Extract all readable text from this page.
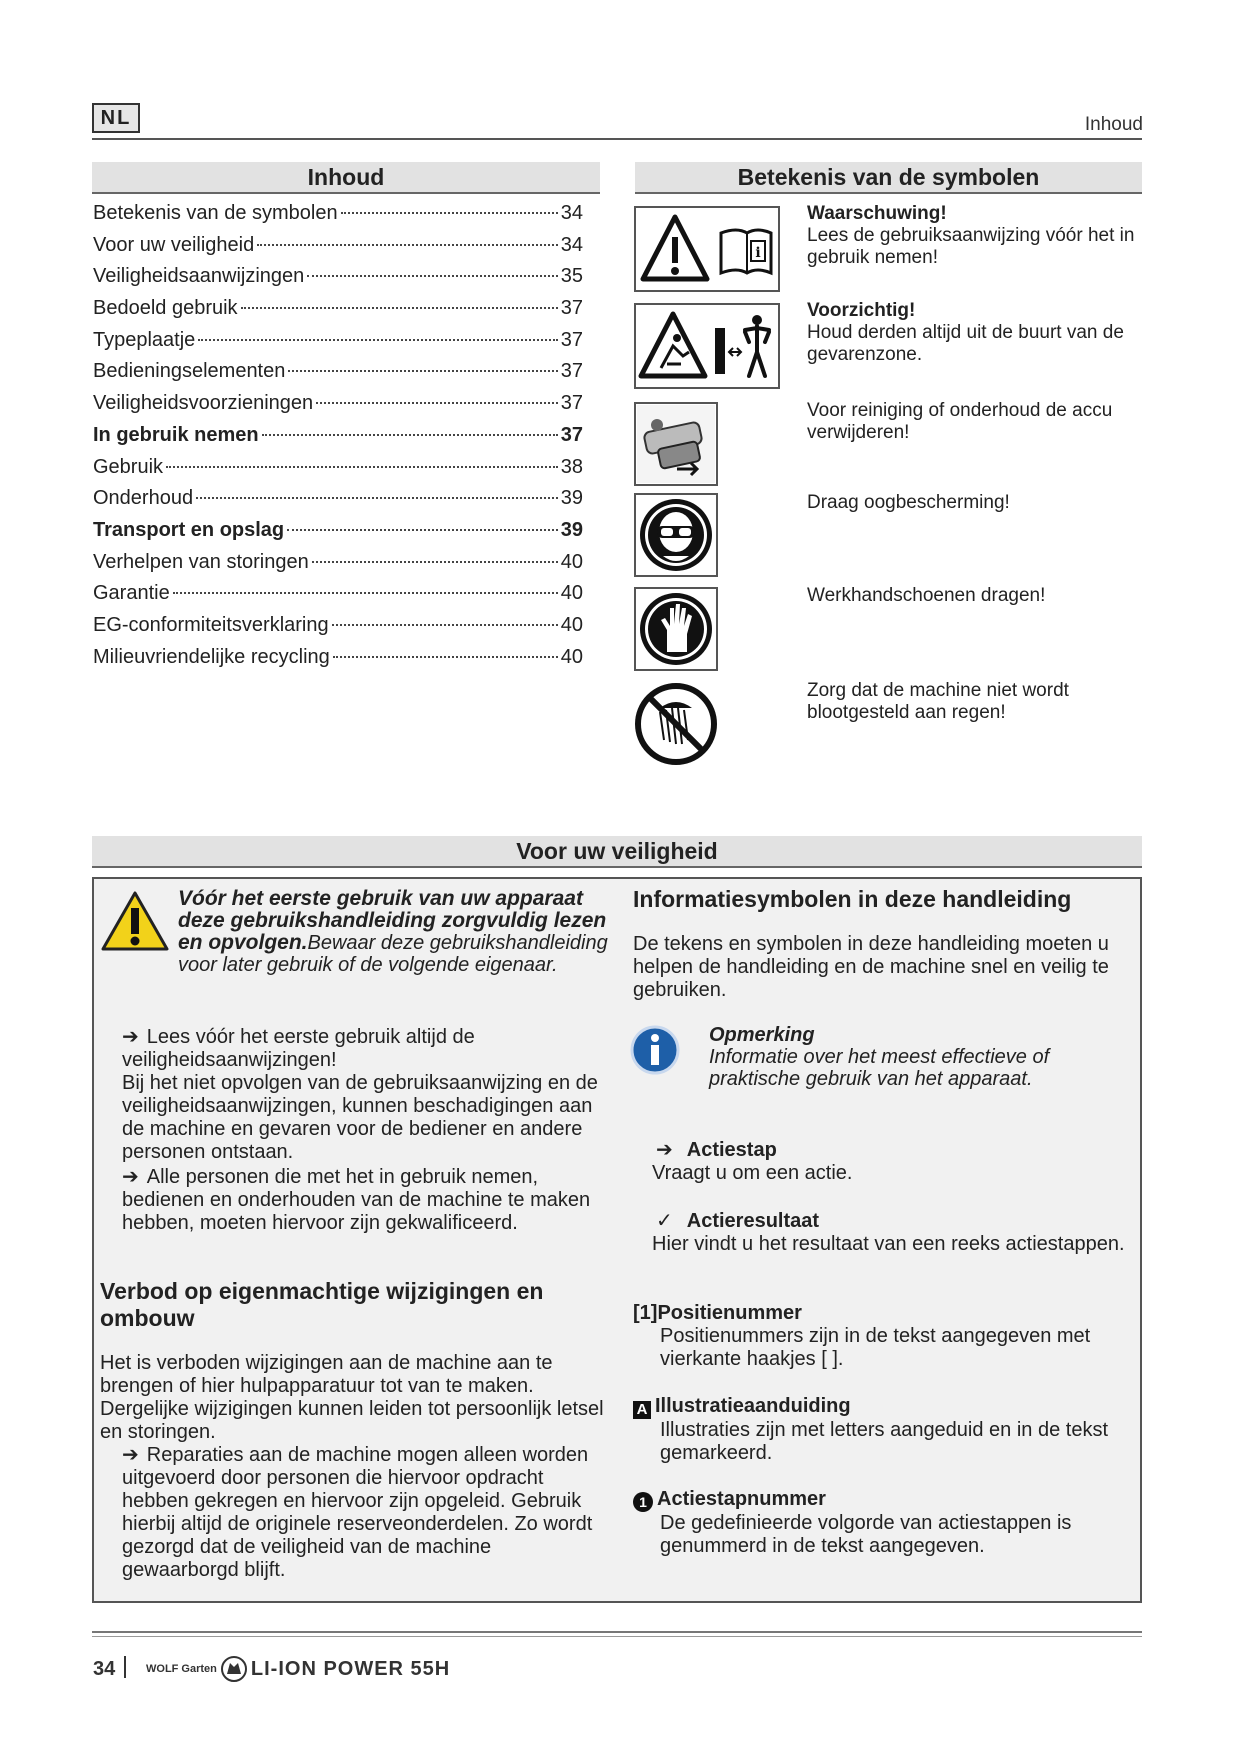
NL	Inhoud
Inhoud
Betekenis van de symbolen	34
Voor uw veiligheid	34
Veiligheidsaanwijzingen	35
Bedoeld gebruik	37
Typeplaatje	37
Bedieningselementen	37
Veiligheidsvoorzieningen	37
In gebruik nemen	37
Gebruik	38
Onderhoud	39
Transport en opslag	39
Verhelpen van storingen	40
Garantie	40
EG-conformiteitsverklaring	40
Milieuvriendelijke recycling	40
Betekenis van de symbolen
i
Waarschuwing!
Lees de gebruiksaanwijzing vóór het in gebruik nemen!
Voorzichtig!
Houd derden altijd uit de buurt van de gevarenzone.
Voor reiniging of onderhoud de accu verwijderen!
Draag oogbescherming!
Werkhandschoenen dragen!
Zorg dat de machine niet wordt blootgesteld aan regen!
Voor uw veiligheid
Vóór het eerste gebruik van uw apparaat deze gebruikshandleiding zorgvuldig lezen en opvolgen.Bewaar deze gebruikshandleiding voor later gebruik of de volgende eigenaar.
➔ Lees vóór het eerste gebruik altijd de veiligheidsaanwijzingen!
Bij het niet opvolgen van de gebruiksaanwijzing en de veiligheidsaanwijzingen, kunnen beschadigingen aan de machine en gevaren voor de bediener en andere personen ontstaan.
➔ Alle personen die met het in gebruik nemen, bedienen en onderhouden van de machine te maken hebben, moeten hiervoor zijn gekwalificeerd.
Verbod op eigenmachtige wijzigingen en ombouw
Het is verboden wijzigingen aan de machine aan te brengen of hier hulpapparatuur tot van te maken. Dergelijke wijzigingen kunnen leiden tot persoonlijk letsel en storingen.
➔ Reparaties aan de machine mogen alleen worden uitgevoerd door personen die hiervoor opdracht hebben gekregen en hiervoor zijn opgeleid. Gebruik hierbij altijd de originele reserveonderdelen. Zo wordt gezorgd dat de veiligheid van de machine gewaarborgd blijft.
Informatiesymbolen in deze handleiding
De tekens en symbolen in deze handleiding moeten u helpen de handleiding en de machine snel en veilig te gebruiken.
Opmerking
Informatie over het meest effectieve of praktische gebruik van het apparaat.
➔ Actiestap
Vraagt u om een actie.
✓ Actieresultaat
Hier vindt u het resultaat van een reeks actiestappen.
[1]Positienummer
Positienummers zijn in de tekst aangegeven met vierkante haakjes [ ].
A Illustratieaanduiding
Illustraties zijn met letters aangeduid en in de tekst gemarkeerd.
1 Actiestapnummer
De gedefinieerde volgorde van actiestappen is genummerd in de tekst aangegeven.
34	WOLF Garten LI-ION POWER 55H
